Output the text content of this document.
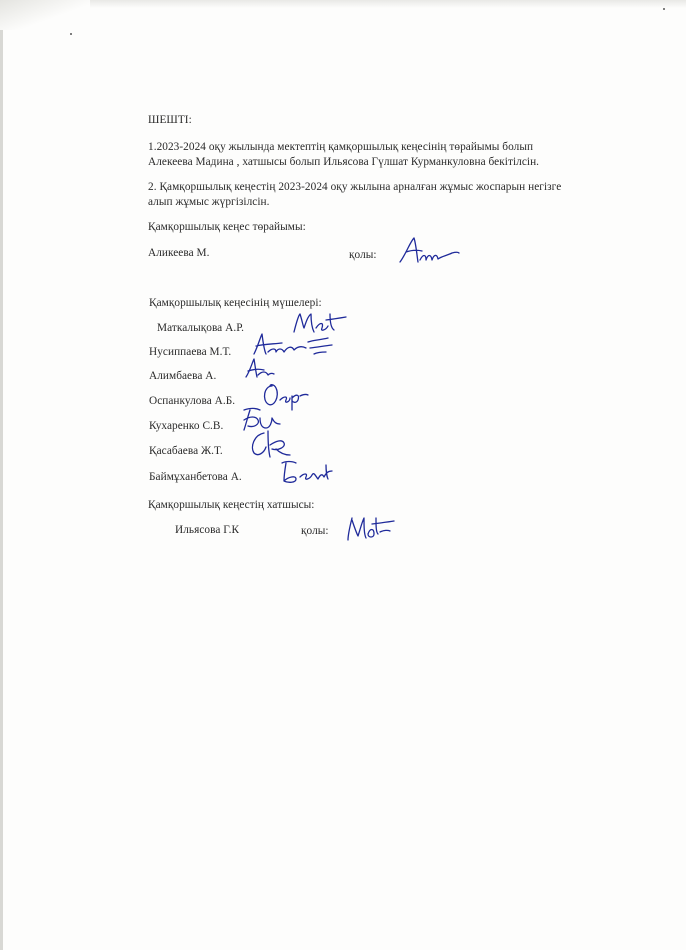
ШЕШТІ:
1.2023-2024 оқу жылында мектептің қамқоршылық кеңесінің төрайымы болып
Алекеева Мадина , хатшысы болып Ильясова Гүлшат Курманкуловна бекітілсін.
2. Қамқоршылық кеңестің 2023-2024 оқу жылына арналған жұмыс жоспарын негізге
алып жұмыс жүргізілсін.
Қамқоршылық кеңес төрайымы:
Аликеева М.	қолы:
Қамқоршылық кеңесінің мүшелері:
Маткалықова А.Р.
Нусиппаева М.Т.
Алимбаева А.
Оспанкулова А.Б.
Кухаренко С.В.
Қасабаева Ж.Т.
Баймұханбетова А.
Қамқоршылық кеңестің хатшысы:
Ильясова Г.К	қолы:
